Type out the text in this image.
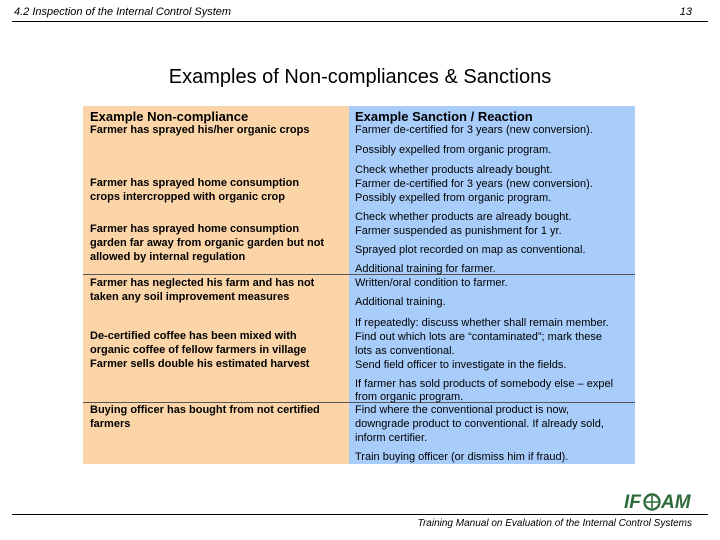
4.2 Inspection of the Internal Control System	13
Examples of Non-compliances & Sanctions
Example Non-compliance	Example Sanction / Reaction
Farmer has sprayed his/her organic crops
Farmer has sprayed home consumption
crops intercropped with organic crop
Farmer has sprayed home consumption
garden far away from organic garden but not
allowed by internal regulation
Farmer has neglected his farm and has not
taken any soil improvement measures
De-certified coffee has been mixed with
organic coffee of fellow farmers in village
Farmer sells double his estimated harvest
Buying officer has bought from not certified
farmers
Farmer de-certified for 3 years (new conversion).
Possibly expelled from organic program.
Check whether products already bought.
Farmer de-certified for 3 years (new conversion).
Possibly expelled from organic program.
Check whether products are already bought.
Farmer suspended as punishment for 1 yr.
Sprayed plot recorded on map as conventional.
Additional training for farmer.
Written/oral condition to farmer.
Additional training.
If repeatedly: discuss whether shall remain member.
Find out which lots are “contaminated”; mark these
lots as conventional.
Send field officer to investigate in the fields.
If farmer has sold products of somebody else – expel
from organic program.
Find where the conventional product is now,
downgrade product to conventional. If already sold,
inform certifier.
Train buying officer (or dismiss him if fraud).
IF AM
Training Manual on Evaluation of the Internal Control Systems
